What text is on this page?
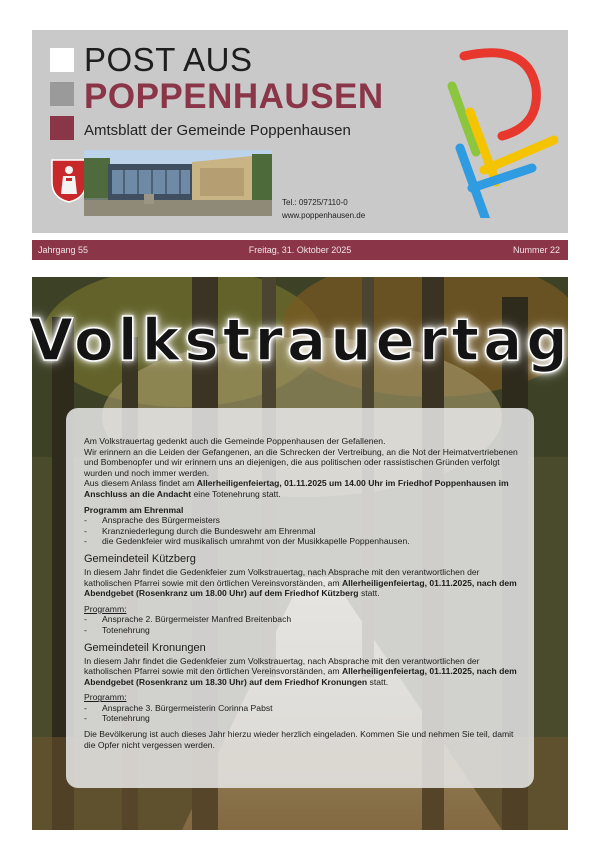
POST AUS
POPPENHAUSEN
Amtsblatt der Gemeinde Poppenhausen
Tel.: 09725/7110-0
www.poppenhausen.de
Jahrgang 55	Freitag, 31. Oktober 2025	Nummer 22
Volkstrauertag

Am Volkstrauertag gedenkt auch die Gemeinde Poppenhausen der Gefallenen.

Wir erinnern an die Leiden der Gefangenen, an die Schrecken der Vertreibung, an die Not der Heimatvertriebenen und Bombenopfer und wir erinnern uns an diejenigen, die aus politischen oder rassistischen Gründen verfolgt wurden und noch immer werden.

Aus diesem Anlass findet am Allerheiligenfeiertag, 01.11.2025 um 14.00 Uhr im Friedhof Poppenhausen im Anschluss an die Andacht eine Totenehrung statt.

Programm am Ehrenmal

- Ansprache des Bürgermeisters
- Kranzniederlegung durch die Bundeswehr am Ehrenmal
- die Gedenkfeier wird musikalisch umrahmt von der Musikkapelle Poppenhausen.
Gemeindeteil Kützberg

In diesem Jahr findet die Gedenkfeier zum Volkstrauertag, nach Absprache mit den verantwortlichen der katholischen Pfarrei sowie mit den örtlichen Vereinsvorständen, am Allerheiligenfeiertag, 01.11.2025, nach dem Abendgebet (Rosenkranz um 18.00 Uhr) auf dem Friedhof Kützberg statt.

Programm:

- Ansprache 2. Bürgermeister Manfred Breitenbach
- Totenehrung
Gemeindeteil Kronungen

In diesem Jahr findet die Gedenkfeier zum Volkstrauertag, nach Absprache mit den verantwortlichen der katholischen Pfarrei sowie mit den örtlichen Vereinsvorständen, am Allerheiligenfeiertag, 01.11.2025, nach dem Abendgebet (Rosenkranz um 18.30 Uhr) auf dem Friedhof Kronungen statt.

Programm:

- Ansprache 3. Bürgermeisterin Corinna Pabst
- Totenehrung

Die Bevölkerung ist auch dieses Jahr hierzu wieder herzlich eingeladen. Kommen Sie und nehmen Sie teil, damit die Opfer nicht vergessen werden.
